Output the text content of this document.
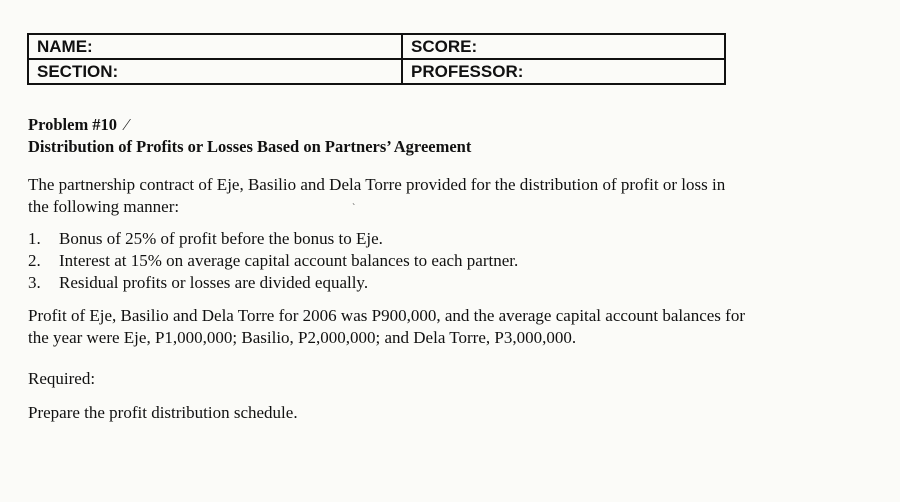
NAME:	SCORE:
SECTION:	PROFESSOR:

Problem #10 ⁄

Distribution of Profits or Losses Based on Partners’ Agreement

The partnership contract of Eje, Basilio and Dela Torre provided for the distribution of profit or loss in the following manner:

1. Bonus of 25% of profit before the bonus to Eje.
2. Interest at 15% on average capital account balances to each partner.
3. Residual profits or losses are divided equally.

Profit of Eje, Basilio and Dela Torre for 2006 was P900,000, and the average capital account balances for the year were Eje, P1,000,000; Basilio, P2,000,000; and Dela Torre, P3,000,000.

Required:

Prepare the profit distribution schedule.

`
